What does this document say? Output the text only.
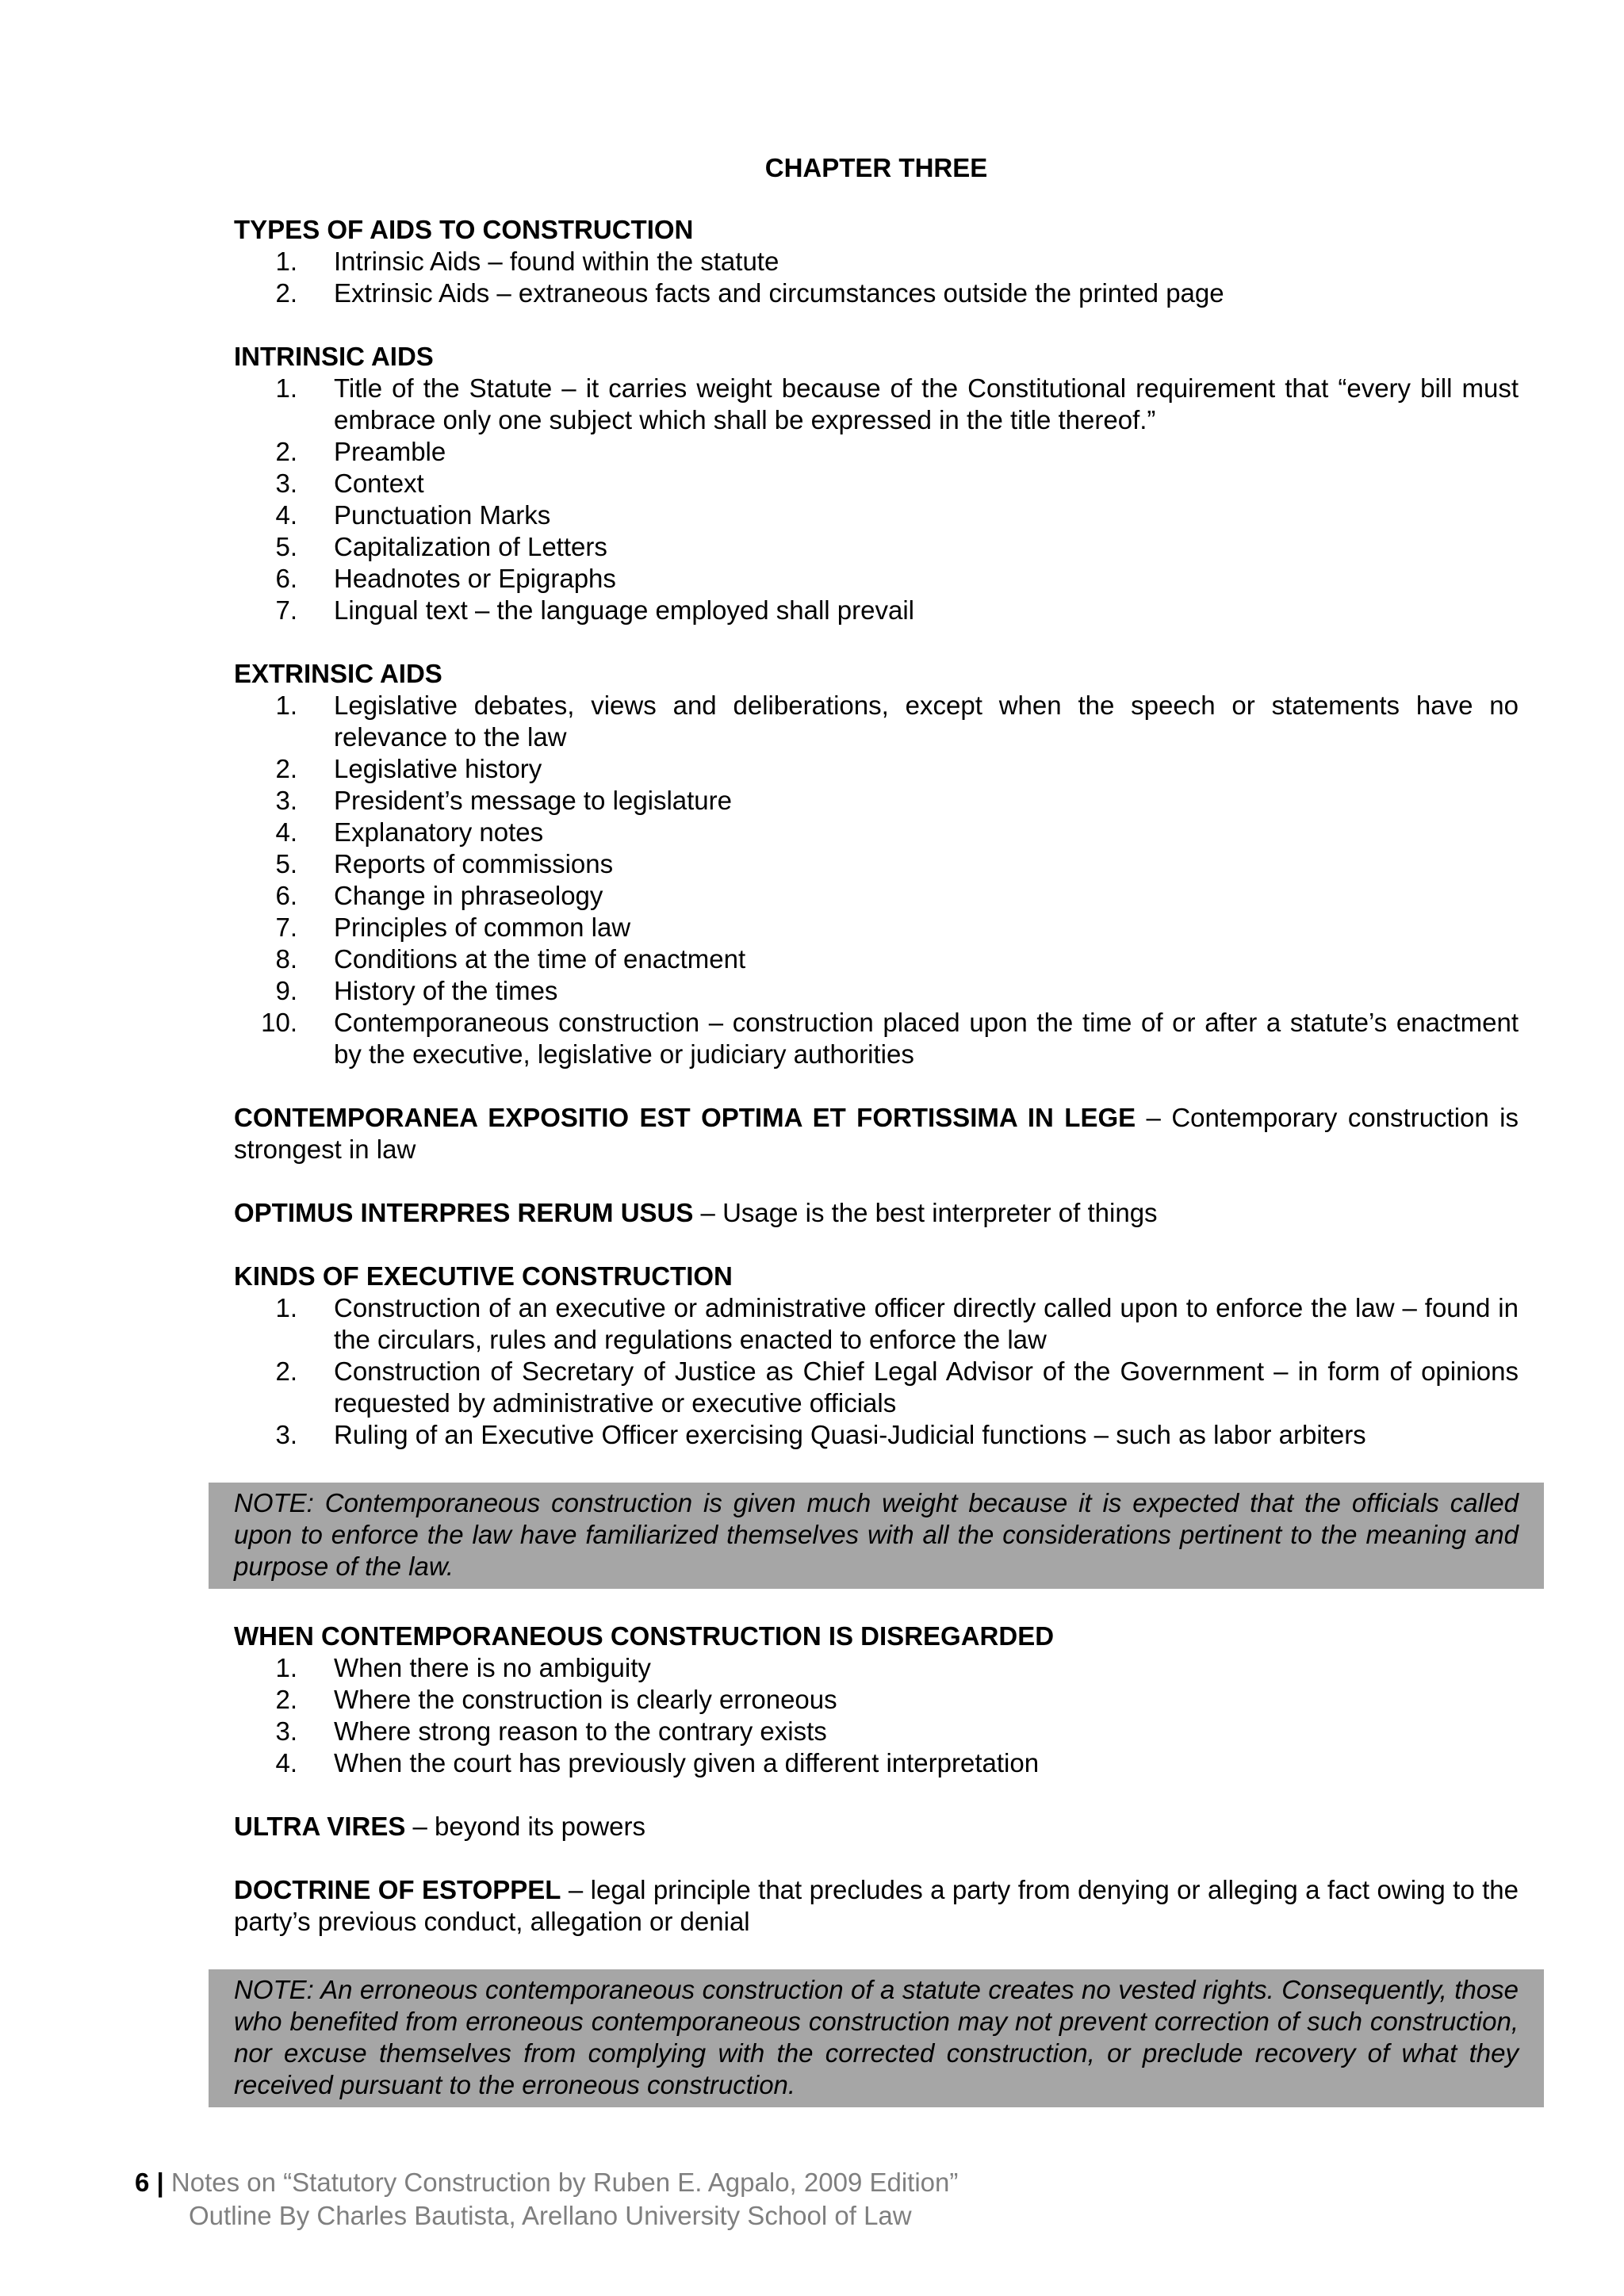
CHAPTER THREE
TYPES OF AIDS TO CONSTRUCTION
1.	Intrinsic Aids – found within the statute
2.	Extrinsic Aids – extraneous facts and circumstances outside the printed page
INTRINSIC AIDS
1.	Title of the Statute – it carries weight because of the Constitutional requirement that “every bill must embrace only one subject which shall be expressed in the title thereof.”
2.	Preamble
3.	Context
4.	Punctuation Marks
5.	Capitalization of Letters
6.	Headnotes or Epigraphs
7.	Lingual text – the language employed shall prevail
EXTRINSIC AIDS
1.	Legislative debates, views and deliberations, except when the speech or statements have no relevance to the law
2.	Legislative history
3.	President’s message to legislature
4.	Explanatory notes
5.	Reports of commissions
6.	Change in phraseology
7.	Principles of common law
8.	Conditions at the time of enactment
9.	History of the times
10.	Contemporaneous construction – construction placed upon the time of or after a statute’s enactment by the executive, legislative or judiciary authorities

CONTEMPORANEA EXPOSITIO EST OPTIMA ET FORTISSIMA IN LEGE – Contemporary construction is strongest in law

OPTIMUS INTERPRES RERUM USUS – Usage is the best interpreter of things

KINDS OF EXECUTIVE CONSTRUCTION
1.	Construction of an executive or administrative officer directly called upon to enforce the law – found in the circulars, rules and regulations enacted to enforce the law
2.	Construction of Secretary of Justice as Chief Legal Advisor of the Government – in form of opinions requested by administrative or executive officials
3.	Ruling of an Executive Officer exercising Quasi-Judicial functions – such as labor arbiters
NOTE: Contemporaneous construction is given much weight because it is expected that the officials called upon to enforce the law have familiarized themselves with all the considerations pertinent to the meaning and purpose of the law.
WHEN CONTEMPORANEOUS CONSTRUCTION IS DISREGARDED
1.	When there is no ambiguity
2.	Where the construction is clearly erroneous
3.	Where strong reason to the contrary exists
4.	When the court has previously given a different interpretation

ULTRA VIRES – beyond its powers

DOCTRINE OF ESTOPPEL – legal principle that precludes a party from denying or alleging a fact owing to the party’s previous conduct, allegation or denial

NOTE: An erroneous contemporaneous construction of a statute creates no vested rights. Consequently, those who benefited from erroneous contemporaneous construction may not prevent correction of such construction, nor excuse themselves from complying with the corrected construction, or preclude recovery of what they received pursuant to the erroneous construction.
6 | Notes on “Statutory Construction by Ruben E. Agpalo, 2009 Edition”
Outline By Charles Bautista, Arellano University School of Law
